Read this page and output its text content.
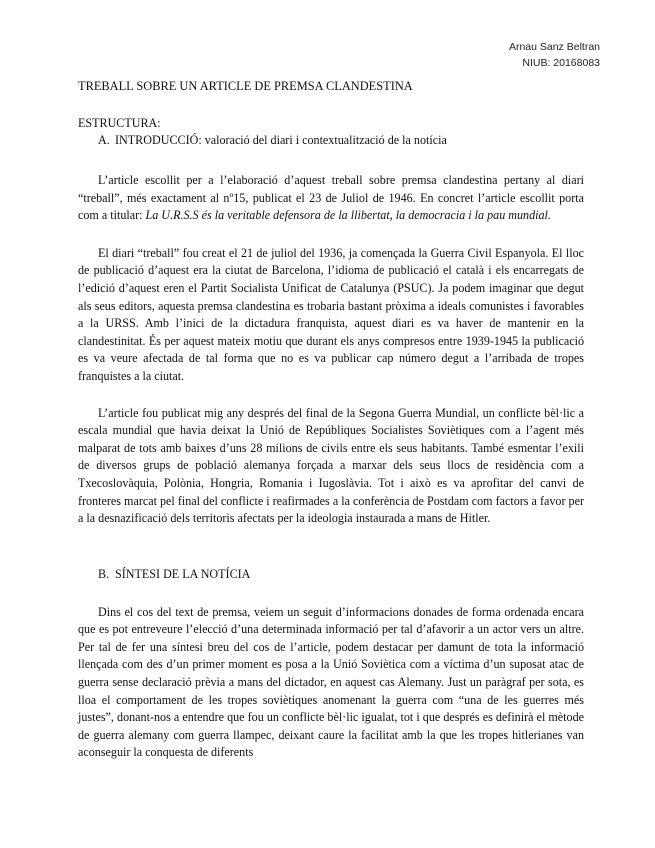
Arnau Sanz Beltran
NIUB: 20168083

TREBALL SOBRE UN ARTICLE DE PREMSA CLANDESTINA

ESTRUCTURA:

A. INTRODUCCIÓ: valoració del diari i contextualització de la notícia

L’article escollit per a l’elaboració d’aquest treball sobre premsa clandestina pertany al diari “treball”, més exactament al nº15, publicat el 23 de Juliol de 1946. En concret l’article escollit porta com a titular: La U.R.S.S és la veritable defensora de la llibertat, la democracia i la pau mundial.

El diari “treball” fou creat el 21 de juliol del 1936, ja començada la Guerra Civil Espanyola. El lloc de publicació d’aquest era la ciutat de Barcelona, l’idioma de publicació el català i els encarregats de l’edició d’aquest eren el Partit Socialista Unificat de Catalunya (PSUC). Ja podem imaginar que degut als seus editors, aquesta premsa clandestina es trobaria bastant pròxima a ideals comunistes i favorables a la URSS. Amb l’inici de la dictadura franquista, aquest diari es va haver de mantenir en la clandestinitat. És per aquest mateix motiu que durant els anys compresos entre 1939-1945 la publicació es va veure afectada de tal forma que no es va publicar cap número degut a l’arribada de tropes franquistes a la ciutat.

L’article fou publicat mig any després del final de la Segona Guerra Mundial, un conflicte bèl·lic a escala mundial que havia deixat la Unió de Repúbliques Socialistes Soviètiques com a l’agent més malparat de tots amb baixes d’uns 28 milions de civils entre els seus habitants. També esmentar l’exili de diversos grups de població alemanya forçada a marxar dels seus llocs de residència com a Txecoslovàquia, Polònia, Hongria, Romania i Iugoslàvia. Tot i això es va aprofitar del canvi de fronteres marcat pel final del conflicte i reafirmades a la conferència de Postdam com factors a favor per a la desnazificació dels territoris afectats per la ideologia instaurada a mans de Hitler.

B. SÍNTESI DE LA NOTÍCIA

Dins el cos del text de premsa, veiem un seguit d’informacions donades de forma ordenada encara que es pot entreveure l’elecció d’una determinada informació per tal d’afavorir a un actor vers un altre. Per tal de fer una síntesi breu del cos de l’article, podem destacar per damunt de tota la informació llençada com des d’un primer moment es posa a la Unió Soviètica com a víctima d’un suposat atac de guerra sense declaració prèvia a mans del dictador, en aquest cas Alemany. Just un paràgraf per sota, es lloa el comportament de les tropes soviètiques anomenant la guerra com “una de les guerres més justes”, donant-nos a entendre que fou un conflicte bèl·lic igualat, tot i que després es definirà el mètode de guerra alemany com guerra llampec, deixant caure la facilitat amb la que les tropes hitlerianes van aconseguir la conquesta de diferents
